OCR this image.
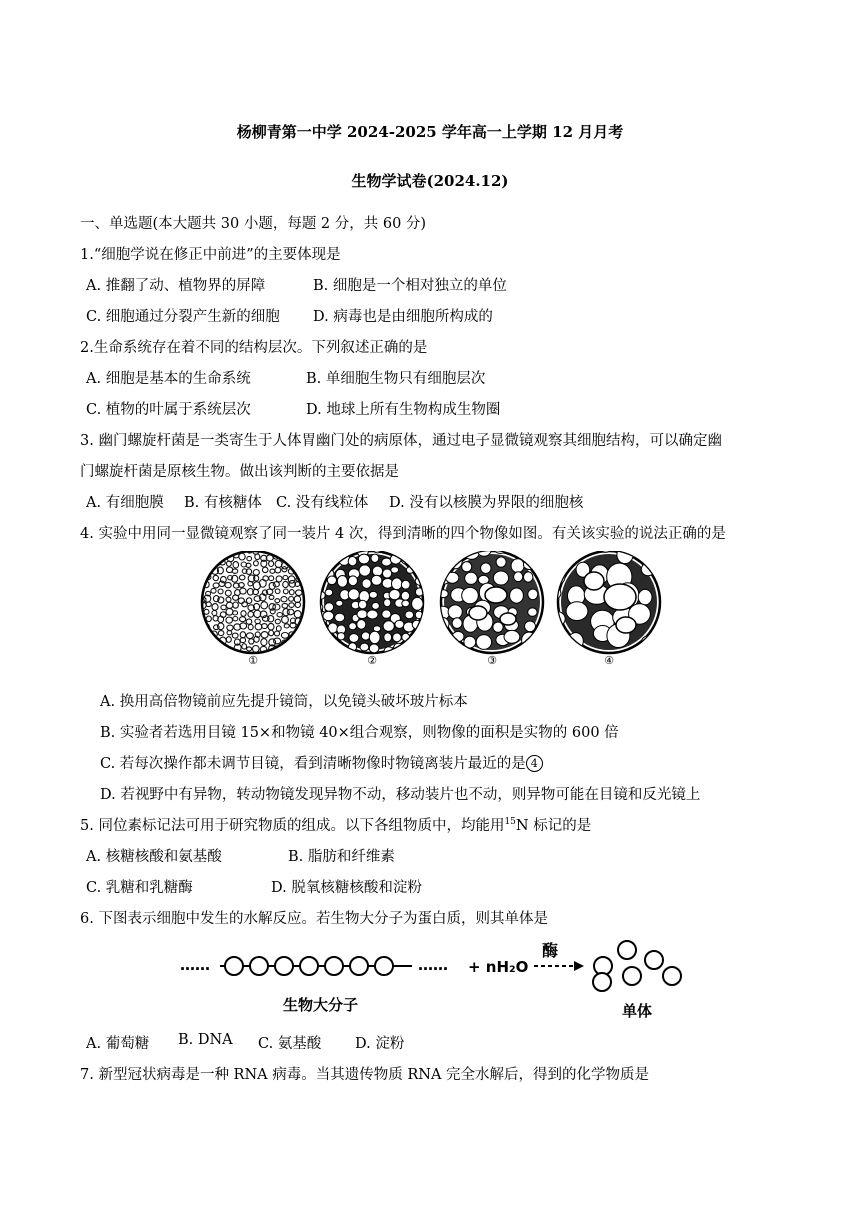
杨柳青第一中学 2024-2025 学年高一上学期 12 月月考
生物学试卷(2024.12)
一、单选题(本大题共 30 小题，每题 2 分，共 60 分)
1.“细胞学说在修正中前进”的主要体现是
A. 推翻了动、植物界的屏障	B. 细胞是一个相对独立的单位
C. 细胞通过分裂产生新的细胞 D. 病毒也是由细胞所构成的
2.生命系统存在着不同的结构层次。下列叙述正确的是
A. 细胞是基本的生命系统	B. 单细胞生物只有细胞层次
C. 植物的叶属于系统层次	D. 地球上所有生物构成生物圈
3. 幽门螺旋杆菌是一类寄生于人体胃幽门处的病原体，通过电子显微镜观察其细胞结构，可以确定幽
门螺旋杆菌是原核生物。做出该判断的主要依据是
A. 有细胞膜 B. 有核糖体 C. 没有线粒体 D. 没有以核膜为界限的细胞核
4. 实验中用同一显微镜观察了同一装片 4 次，得到清晰的四个物像如图。有关该实验的说法正确的是
①	②	③	④
A. 换用高倍物镜前应先提升镜筒，以免镜头破坏玻片标本
B. 实验者若选用目镜 15×和物镜 40×组合观察，则物像的面积是实物的 600 倍
C. 若每次操作都未调节目镜，看到清晰物像时物镜离装片最近的是 4
D. 若视野中有异物，转动物镜发现异物不动，移动装片也不动，则异物可能在目镜和反光镜上
5. 同位素标记法可用于研究物质的组成。以下各组物质中，均能用$^{15}$N 标记的是
A. 核糖核酸和氨基酸	B. 脂肪和纤维素
C. 乳糖和乳糖酶	D. 脱氧核糖核酸和淀粉
6. 下图表示细胞中发生的水解反应。若生物大分子为蛋白质，则其单体是
……	…… + nH₂O
酶
生物大分子	单体
A. 葡萄糖 B. DNA C. 氨基酸 D. 淀粉
7. 新型冠状病毒是一种 RNA 病毒。当其遗传物质 RNA 完全水解后，得到的化学物质是
